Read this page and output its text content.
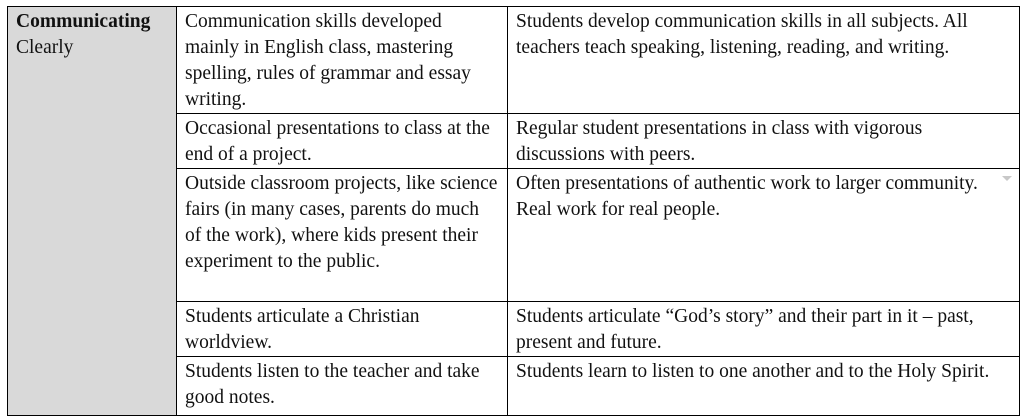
Communicating
Clearly	Communication skills developed mainly in English class, mastering spelling, rules of grammar and essay writing.	Students develop communication skills in all subjects. All teachers teach speaking, listening, reading, and writing.

	Occasional presentations to class at the end of a project.	Regular student presentations in class with vigorous discussions with peers.

	Outside classroom projects, like science fairs (in many cases, parents do much of the work), where kids present their experiment to the public.	Often presentations of authentic work to larger community. Real work for real people.

	Students articulate a Christian worldview.	Students articulate “God’s story” and their part in it – past, present and future.

	Students listen to the teacher and take good notes.	Students learn to listen to one another and to the Holy Spirit.
